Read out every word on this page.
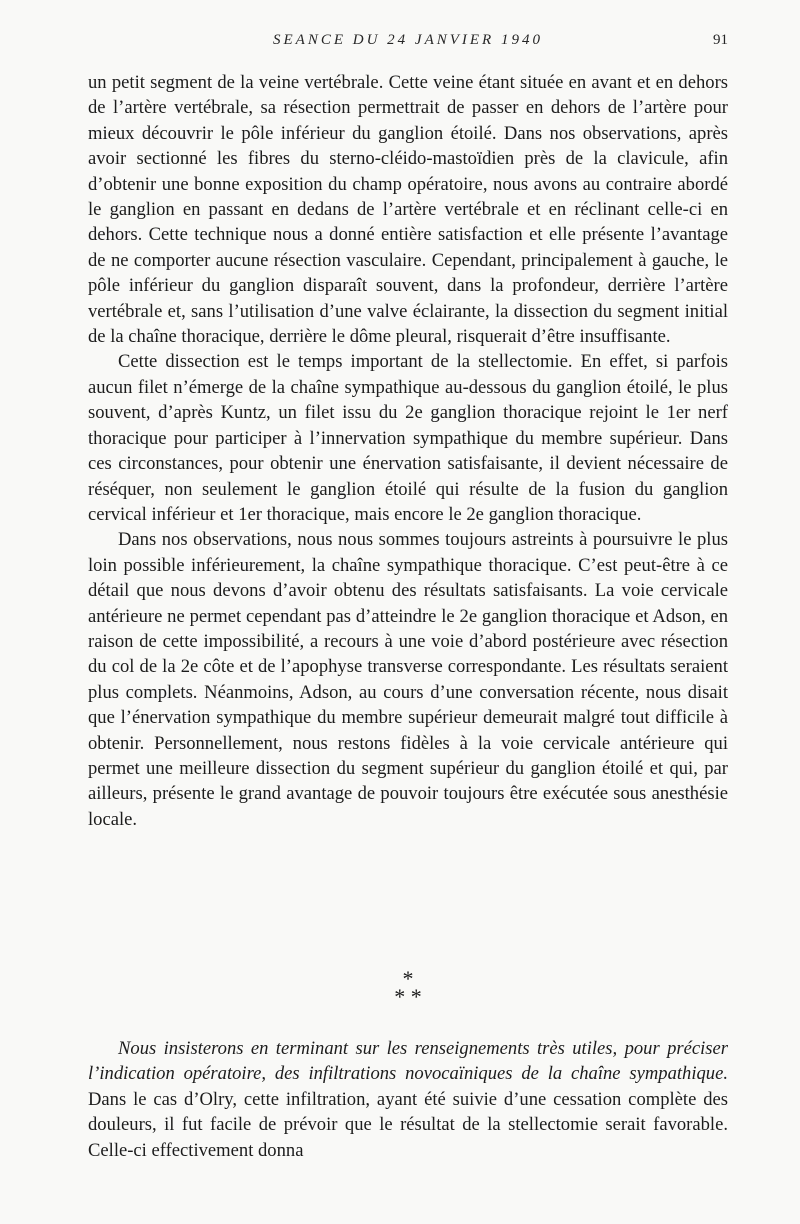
SEANCE DU 24 JANVIER 1940	91

un petit segment de la veine vertébrale. Cette veine étant située en avant et en dehors de l’artère vertébrale, sa résection permettrait de passer en dehors de l’artère pour mieux découvrir le pôle inférieur du ganglion étoilé. Dans nos observations, après avoir sectionné les fibres du sterno-cléido-mastoïdien près de la clavicule, afin d’obtenir une bonne exposition du champ opératoire, nous avons au contraire abordé le ganglion en passant en dedans de l’artère vertébrale et en réclinant celle-ci en dehors. Cette technique nous a donné entière satisfaction et elle présente l’avantage de ne comporter aucune résection vasculaire. Cependant, principalement à gauche, le pôle inférieur du ganglion disparaît souvent, dans la profondeur, derrière l’artère vertébrale et, sans l’utilisation d’une valve éclairante, la dissection du segment initial de la chaîne thoracique, derrière le dôme pleural, risquerait d’être insuffisante.

Cette dissection est le temps important de la stellectomie. En effet, si parfois aucun filet n’émerge de la chaîne sympathique au-dessous du ganglion étoilé, le plus souvent, d’après Kuntz, un filet issu du 2e ganglion thoracique rejoint le 1er nerf thoracique pour participer à l’innervation sympathique du membre supérieur. Dans ces circonstances, pour obtenir une énervation satisfaisante, il devient nécessaire de réséquer, non seulement le ganglion étoilé qui résulte de la fusion du ganglion cervical inférieur et 1er thoracique, mais encore le 2e ganglion thoracique.

Dans nos observations, nous nous sommes toujours astreints à poursuivre le plus loin possible inférieurement, la chaîne sympathique thoracique. C’est peut-être à ce détail que nous devons d’avoir obtenu des résultats satisfaisants. La voie cervicale antérieure ne permet cependant pas d’atteindre le 2e ganglion thoracique et Adson, en raison de cette impossibilité, a recours à une voie d’abord postérieure avec résection du col de la 2e côte et de l’apophyse transverse correspondante. Les résultats seraient plus complets. Néanmoins, Adson, au cours d’une conversation récente, nous disait que l’énervation sympathique du membre supérieur demeurait malgré tout difficile à obtenir. Personnellement, nous restons fidèles à la voie cervicale antérieure qui permet une meilleure dissection du segment supérieur du ganglion étoilé et qui, par ailleurs, présente le grand avantage de pouvoir toujours être exécutée sous anesthésie locale.

*
* *

Nous insisterons en terminant sur les renseignements très utiles, pour préciser l’indication opératoire, des infiltrations novocaïniques de la chaîne sympathique. Dans le cas d’Olry, cette infiltration, ayant été suivie d’une cessation complète des douleurs, il fut facile de prévoir que le résultat de la stellectomie serait favorable. Celle-ci effectivement donna
